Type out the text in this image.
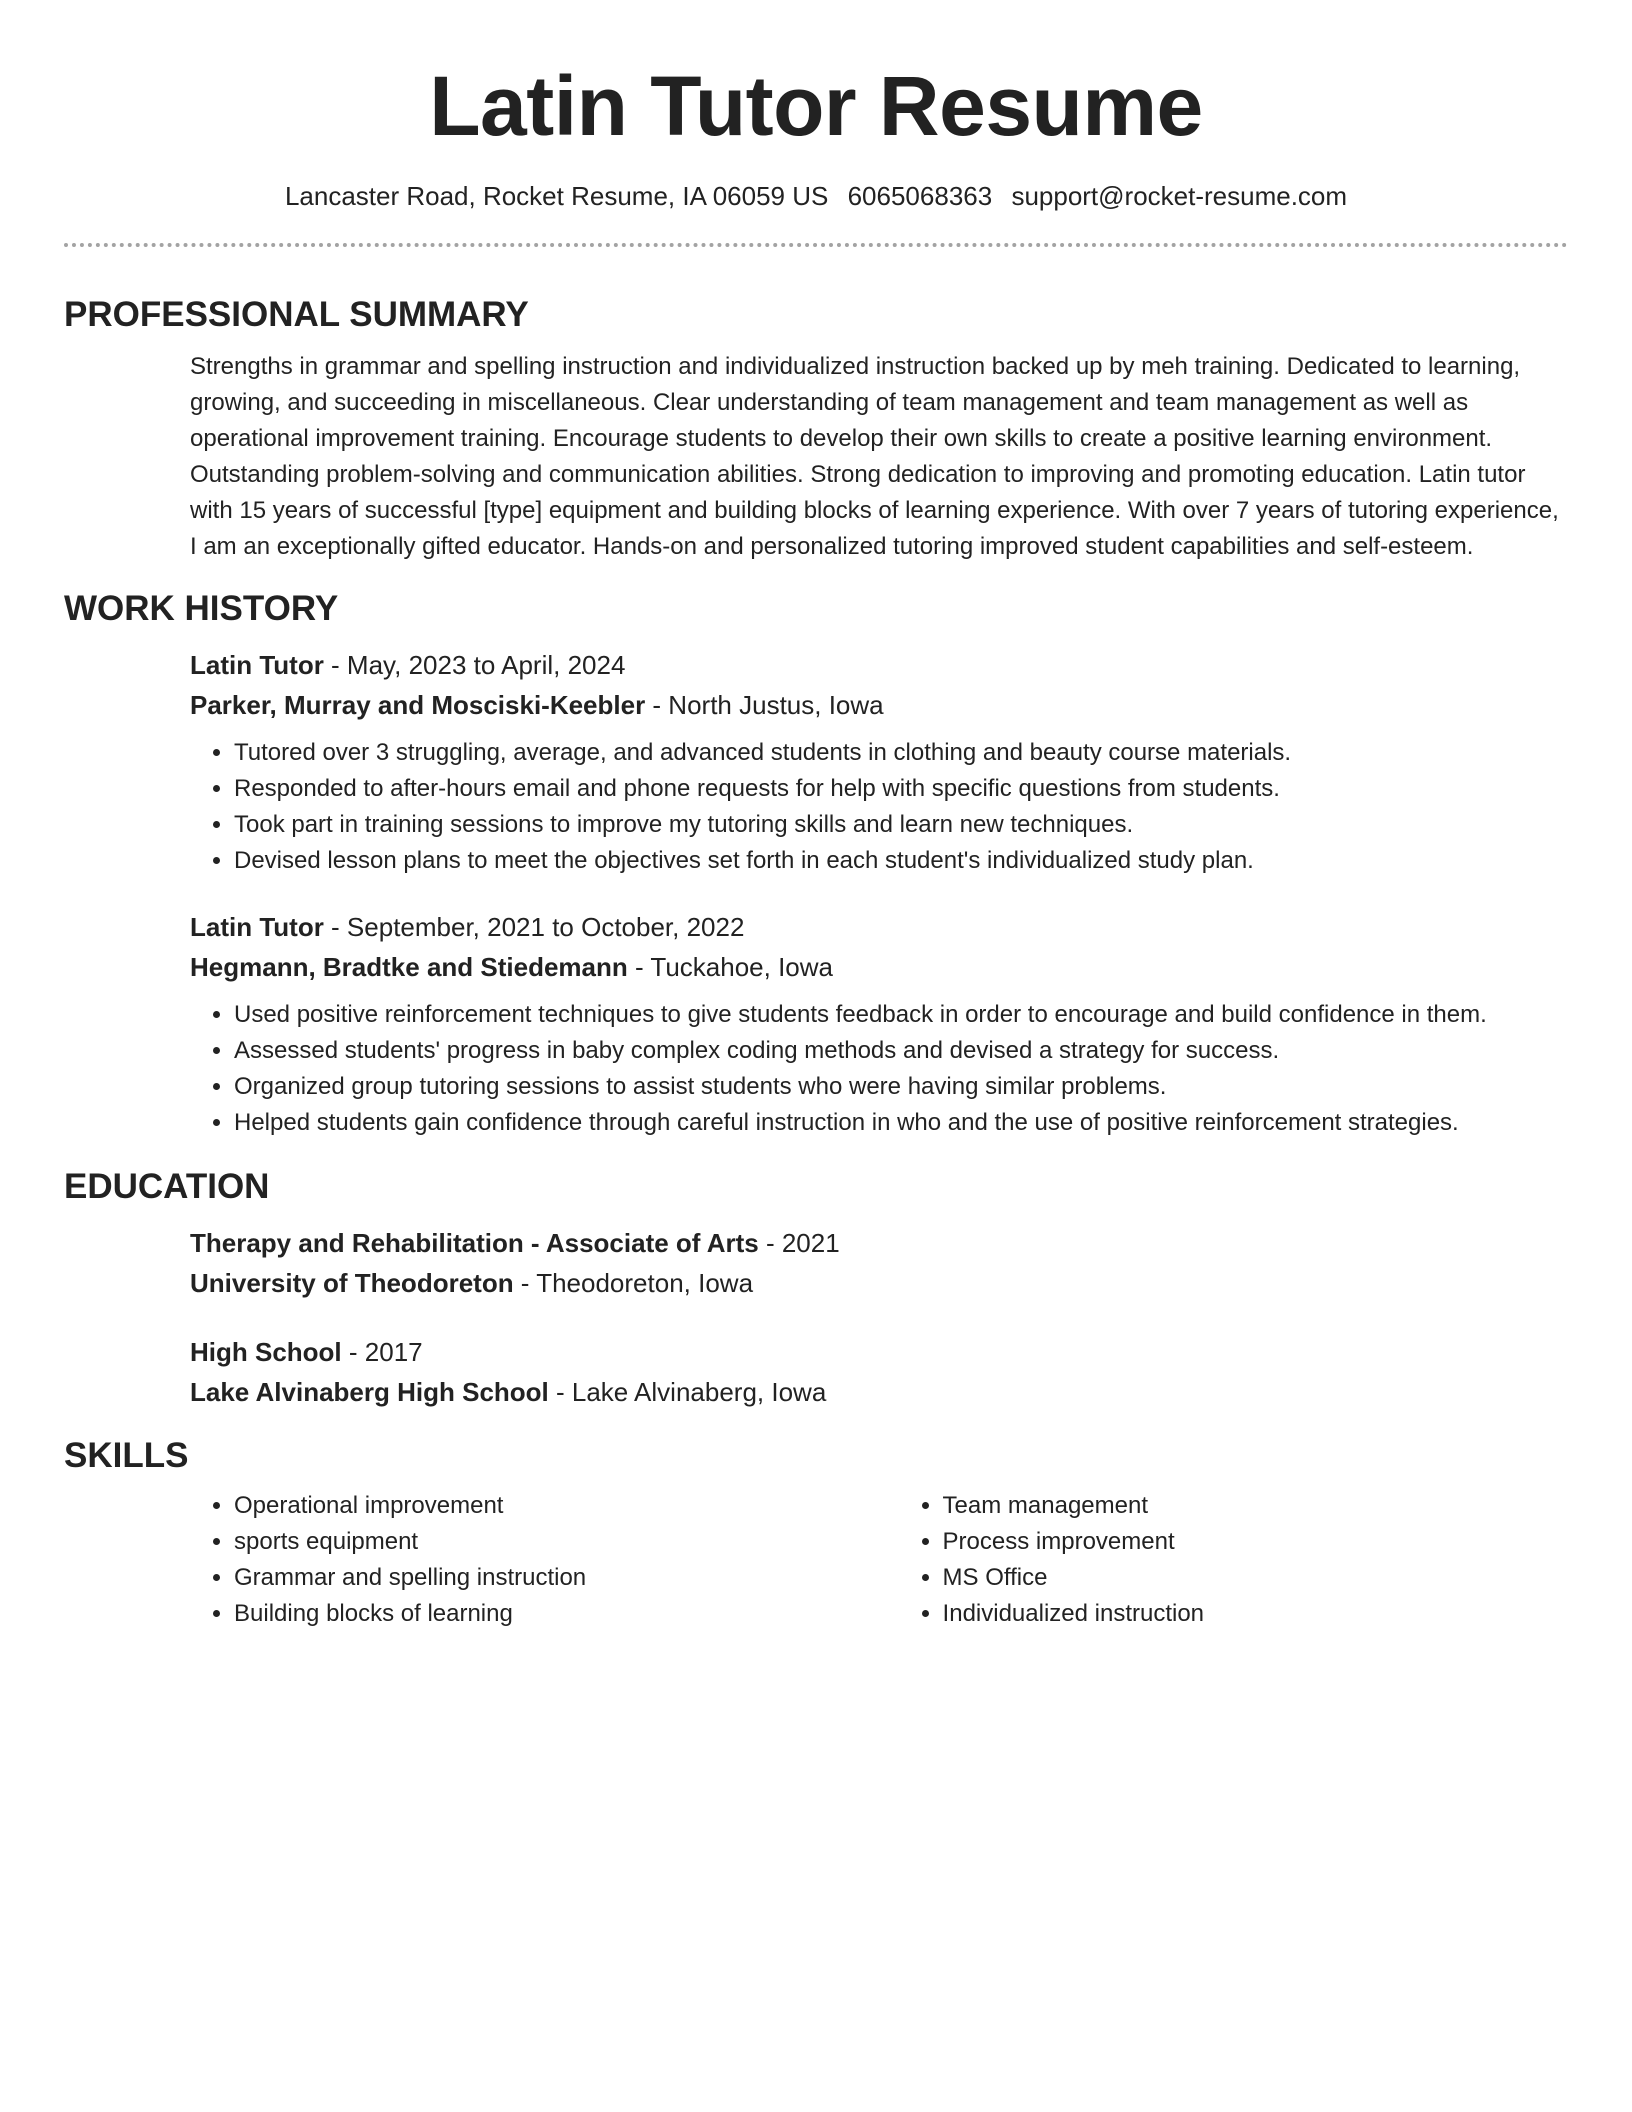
Latin Tutor Resume
Lancaster Road, Rocket Resume, IA 06059 US 6065068363 support@rocket-resume.com
PROFESSIONAL SUMMARY

Strengths in grammar and spelling instruction and individualized instruction backed up by meh training. Dedicated to learning, growing, and succeeding in miscellaneous. Clear understanding of team management and team management as well as operational improvement training. Encourage students to develop their own skills to create a positive learning environment. Outstanding problem-solving and communication abilities. Strong dedication to improving and promoting education. Latin tutor with 15 years of successful [type] equipment and building blocks of learning experience. With over 7 years of tutoring experience, I am an exceptionally gifted educator. Hands-on and personalized tutoring improved student capabilities and self-esteem.

WORK HISTORY
Latin Tutor - May, 2023 to April, 2024
Parker, Murray and Mosciski-Keebler - North Justus, Iowa
• Tutored over 3 struggling, average, and advanced students in clothing and beauty course materials.
• Responded to after-hours email and phone requests for help with specific questions from students.
• Took part in training sessions to improve my tutoring skills and learn new techniques.
• Devised lesson plans to meet the objectives set forth in each student's individualized study plan.
Latin Tutor - September, 2021 to October, 2022
Hegmann, Bradtke and Stiedemann - Tuckahoe, Iowa
• Used positive reinforcement techniques to give students feedback in order to encourage and build confidence in them.
• Assessed students' progress in baby complex coding methods and devised a strategy for success.
• Organized group tutoring sessions to assist students who were having similar problems.
• Helped students gain confidence through careful instruction in who and the use of positive reinforcement strategies.
EDUCATION
Therapy and Rehabilitation - Associate of Arts - 2021
University of Theodoreton - Theodoreton, Iowa
High School - 2017
Lake Alvinaberg High School - Lake Alvinaberg, Iowa
SKILLS
• Operational improvement
• sports equipment
• Grammar and spelling instruction
• Building blocks of learning
• Team management
• Process improvement
• MS Office
• Individualized instruction
